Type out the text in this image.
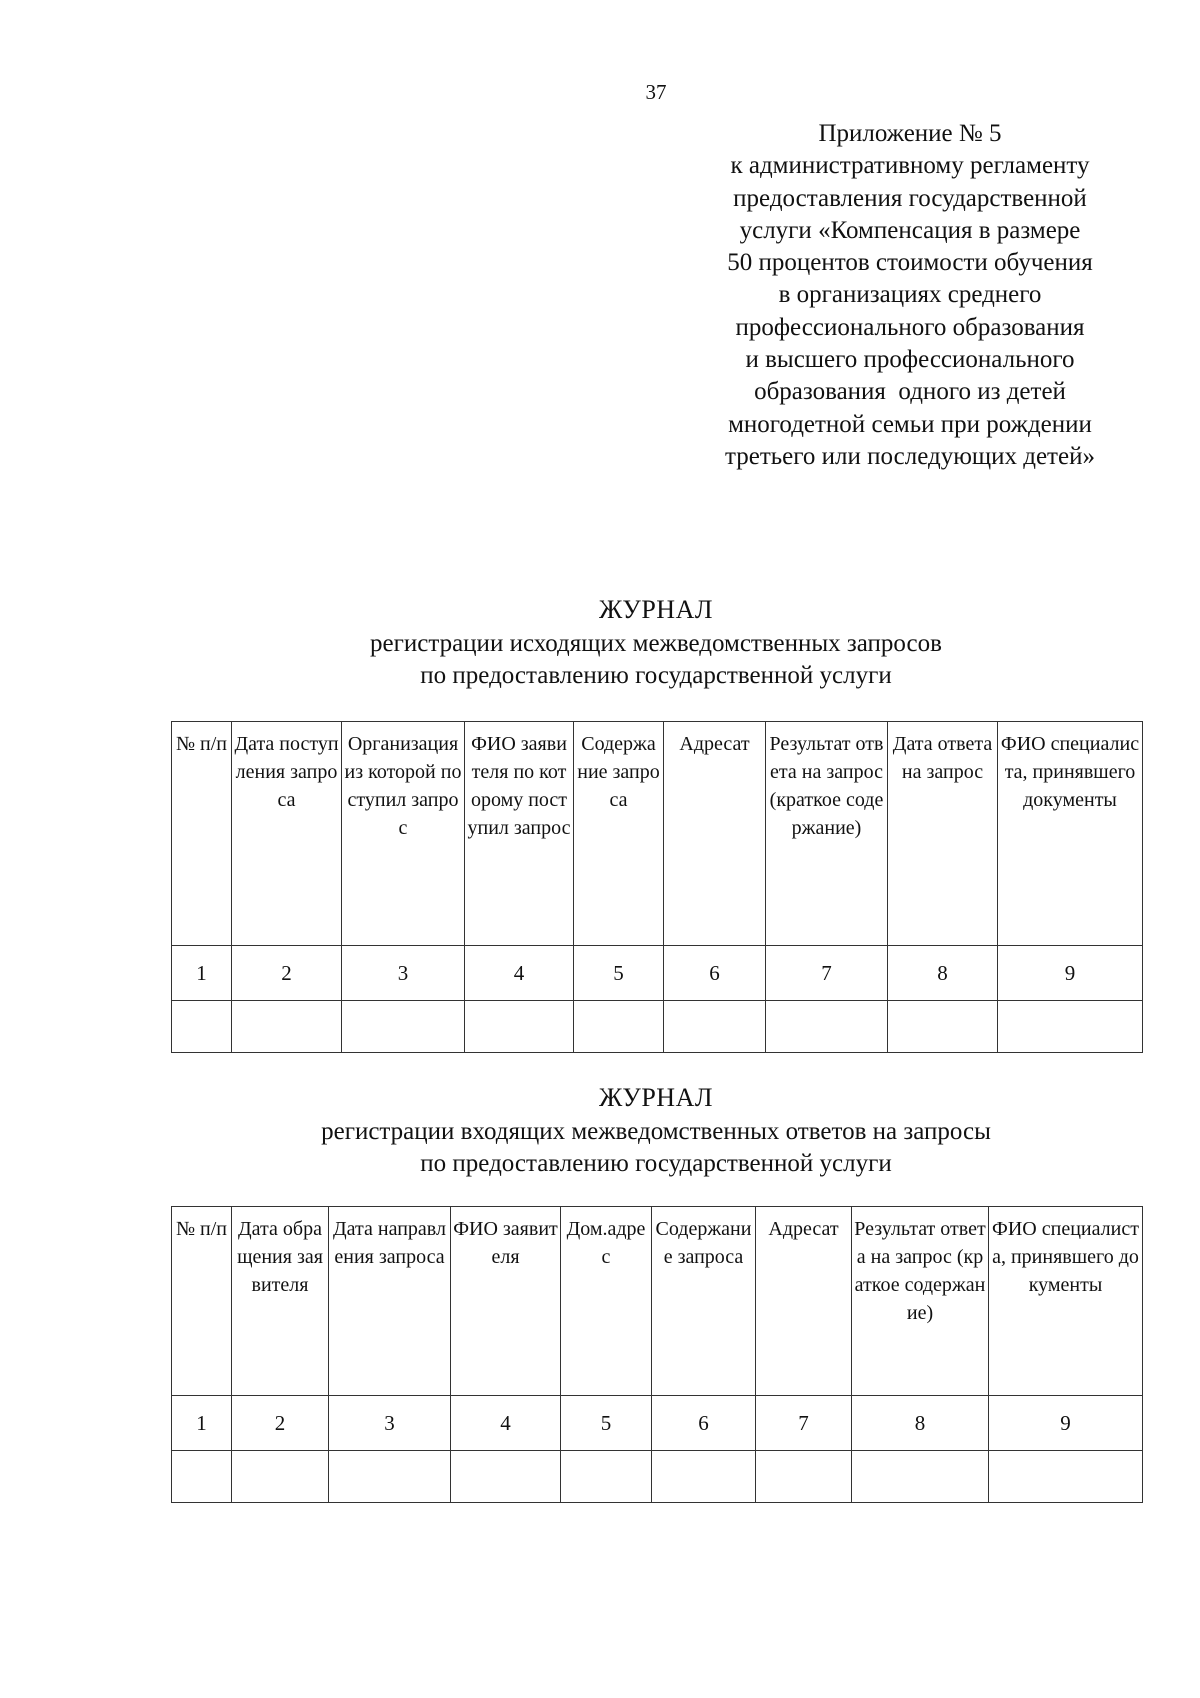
37
Приложение № 5
к административному регламенту
предоставления государственной
услуги «Компенсация в размере
50 процентов стоимости обучения
в организациях среднего
профессионального образования
и высшего профессионального
образования  одного из детей
многодетной семьи при рождении
третьего или последующих детей»
ЖУРНАЛ
регистрации исходящих межведомственных запросов
по предоставлению государственной услуги
№ п/п	Дата поступления запроса	Организация из которой поступил запрос	ФИО заявителя по которому поступил запрос	Содержание запроса	Адресат	Результат ответа на запрос (краткое содержание)	Дата ответа на запрос	ФИО специалиста, принявшего документы
1	2	3	4	5	6	7	8	9

ЖУРНАЛ
регистрации входящих межведомственных ответов на запросы
по предоставлению государственной услуги
№ п/п	Дата обращения заявителя	Дата направления запроса	ФИО заявителя	Дом.адрес	Содержание запроса	Адресат	Результат ответа на запрос (краткое содержание)	ФИО специалиста, принявшего документы
1	2	3	4	5	6	7	8	9
